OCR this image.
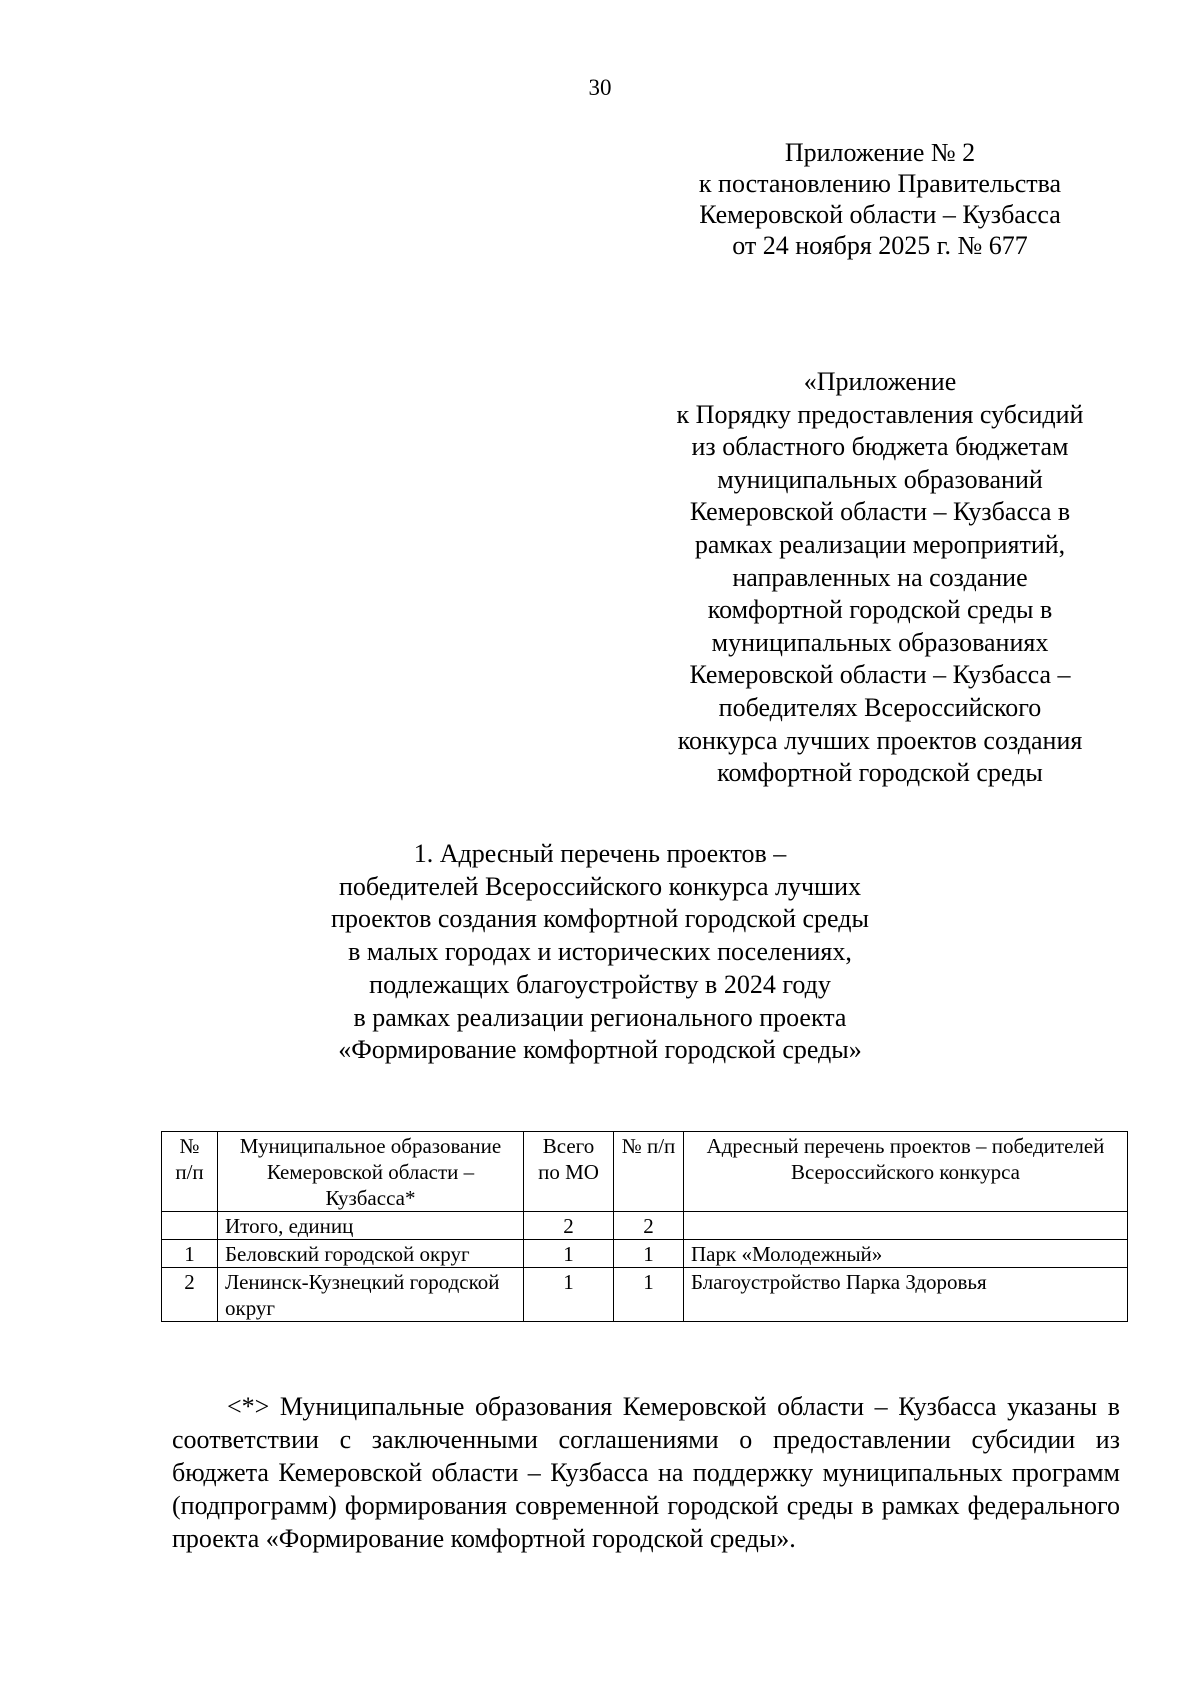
30
Приложение № 2
к постановлению Правительства
Кемеровской области – Кузбасса
от 24 ноября 2025 г. № 677
«Приложение
к Порядку предоставления субсидий
из областного бюджета бюджетам
муниципальных образований
Кемеровской области – Кузбасса в
рамках реализации мероприятий,
направленных на создание
комфортной городской среды в
муниципальных образованиях
Кемеровской области – Кузбасса –
победителях Всероссийского
конкурса лучших проектов создания
комфортной городской среды
1. Адресный перечень проектов –
победителей Всероссийского конкурса лучших
проектов создания комфортной городской среды
в малых городах и исторических поселениях,
подлежащих благоустройству в 2024 году
в рамках реализации регионального проекта
«Формирование комфортной городской среды»
№ п/п	Муниципальное образование Кемеровской области – Кузбасса*	Всего по МО	№ п/п	Адресный перечень проектов – победителей Всероссийского конкурса
	Итого, единиц	2	2	
1	Беловский городской округ	1	1	Парк «Молодежный»
2	Ленинск-Кузнецкий городской округ	1	1	Благоустройство Парка Здоровья

<*> Муниципальные образования Кемеровской области – Кузбасса указаны в соответствии с заключенными соглашениями о предоставлении субсидии из бюджета Кемеровской области – Кузбасса на поддержку муниципальных программ (подпрограмм) формирования современной городской среды в рамках федерального проекта «Формирование комфортной городской среды».
